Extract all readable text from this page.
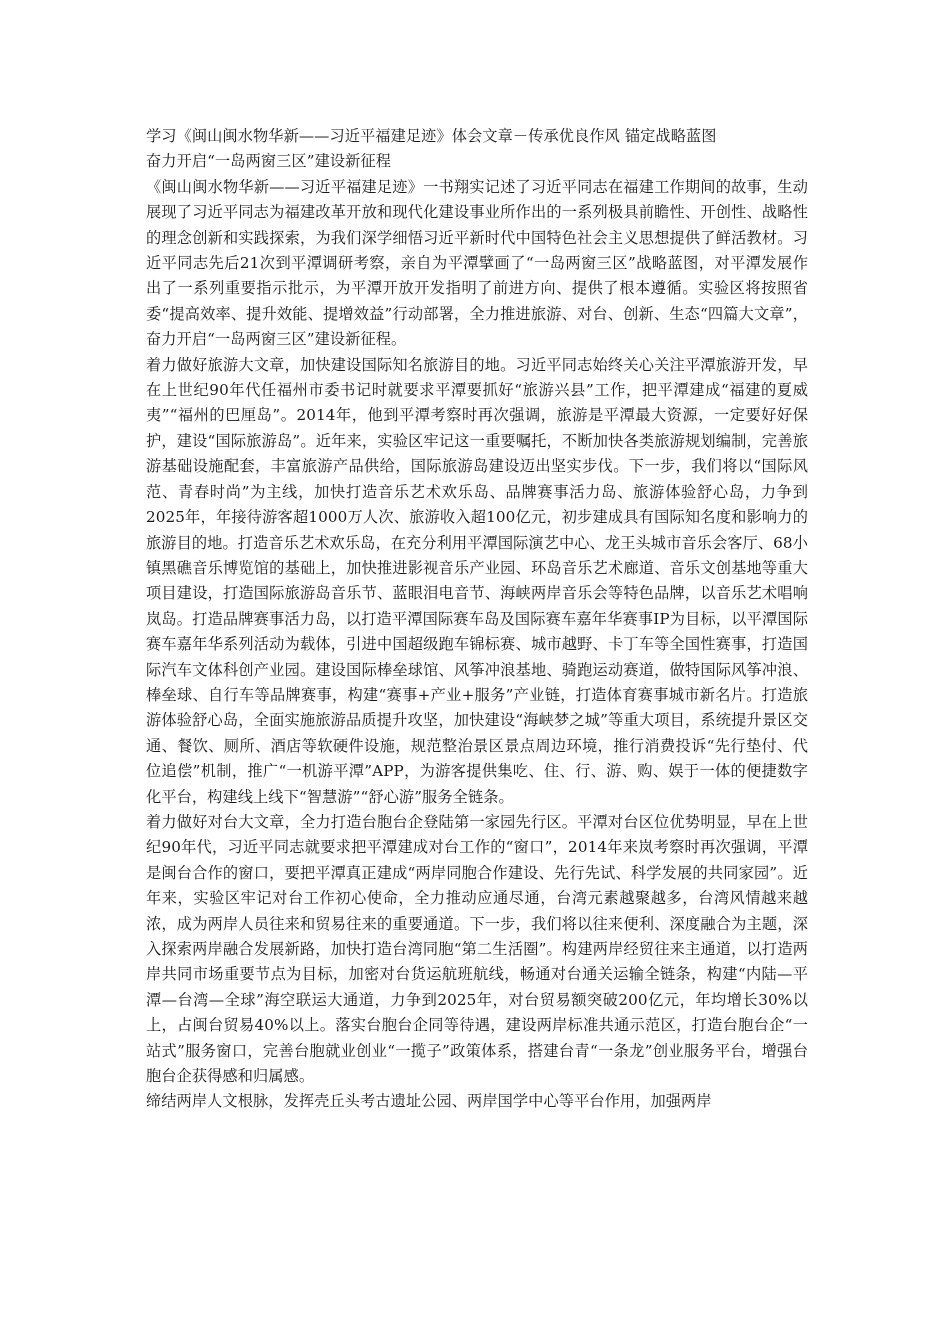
学习《闽山闽水物华新——习近平福建足迹》体会文章－传承优良作风 锚定战略蓝图

奋力开启“一岛两窗三区”建设新征程

《闽山闽水物华新——习近平福建足迹》一书翔实记述了习近平同志在福建工作期间的故事，生动展现了习近平同志为福建改革开放和现代化建设事业所作出的一系列极具前瞻性、开创性、战略性的理念创新和实践探索，为我们深学细悟习近平新时代中国特色社会主义思想提供了鲜活教材。习近平同志先后21次到平潭调研考察，亲自为平潭擘画了“一岛两窗三区”战略蓝图，对平潭发展作出了一系列重要指示批示，为平潭开放开发指明了前进方向、提供了根本遵循。实验区将按照省委“提高效率、提升效能、提增效益”行动部署，全力推进旅游、对台、创新、生态“四篇大文章”，奋力开启“一岛两窗三区”建设新征程。

着力做好旅游大文章，加快建设国际知名旅游目的地。习近平同志始终关心关注平潭旅游开发，早在上世纪90年代任福州市委书记时就要求平潭要抓好“旅游兴县”工作，把平潭建成“福建的夏威夷”“福州的巴厘岛”。2014年，他到平潭考察时再次强调，旅游是平潭最大资源，一定要好好保护，建设“国际旅游岛”。近年来，实验区牢记这一重要嘱托，不断加快各类旅游规划编制，完善旅游基础设施配套，丰富旅游产品供给，国际旅游岛建设迈出坚实步伐。下一步，我们将以“国际风范、青春时尚”为主线，加快打造音乐艺术欢乐岛、品牌赛事活力岛、旅游体验舒心岛，力争到2025年，年接待游客超1000万人次、旅游收入超100亿元，初步建成具有国际知名度和影响力的旅游目的地。打造音乐艺术欢乐岛，在充分利用平潭国际演艺中心、龙王头城市音乐会客厅、68小镇黑礁音乐博览馆的基础上，加快推进影视音乐产业园、环岛音乐艺术廊道、音乐文创基地等重大项目建设，打造国际旅游岛音乐节、蓝眼泪电音节、海峡两岸音乐会等特色品牌，以音乐艺术唱响岚岛。打造品牌赛事活力岛，以打造平潭国际赛车岛及国际赛车嘉年华赛事IP为目标，以平潭国际赛车嘉年华系列活动为载体，引进中国超级跑车锦标赛、城市越野、卡丁车等全国性赛事，打造国际汽车文体科创产业园。建设国际棒垒球馆、风筝冲浪基地、骑跑运动赛道，做特国际风筝冲浪、棒垒球、自行车等品牌赛事，构建“赛事+产业+服务”产业链，打造体育赛事城市新名片。打造旅游体验舒心岛，全面实施旅游品质提升攻坚，加快建设“海峡梦之城”等重大项目，系统提升景区交通、餐饮、厕所、酒店等软硬件设施，规范整治景区景点周边环境，推行消费投诉“先行垫付、代位追偿”机制，推广“一机游平潭”APP，为游客提供集吃、住、行、游、购、娱于一体的便捷数字化平台，构建线上线下“智慧游”“舒心游”服务全链条。

着力做好对台大文章，全力打造台胞台企登陆第一家园先行区。平潭对台区位优势明显，早在上世纪90年代，习近平同志就要求把平潭建成对台工作的“窗口”，2014年来岚考察时再次强调，平潭是闽台合作的窗口，要把平潭真正建成“两岸同胞合作建设、先行先试、科学发展的共同家园”。近年来，实验区牢记对台工作初心使命，全力推动应通尽通，台湾元素越聚越多，台湾风情越来越浓，成为两岸人员往来和贸易往来的重要通道。下一步，我们将以往来便利、深度融合为主题，深入探索两岸融合发展新路，加快打造台湾同胞“第二生活圈”。构建两岸经贸往来主通道，以打造两岸共同市场重要节点为目标，加密对台货运航班航线，畅通对台通关运输全链条，构建“内陆—平潭—台湾—全球”海空联运大通道，力争到2025年，对台贸易额突破200亿元，年均增长30%以上，占闽台贸易40%以上。落实台胞台企同等待遇，建设两岸标准共通示范区，打造台胞台企“一站式”服务窗口，完善台胞就业创业“一揽子”政策体系，搭建台青“一条龙”创业服务平台，增强台胞台企获得感和归属感。

缔结两岸人文根脉，发挥壳丘头考古遗址公园、两岸国学中心等平台作用，加强两岸
